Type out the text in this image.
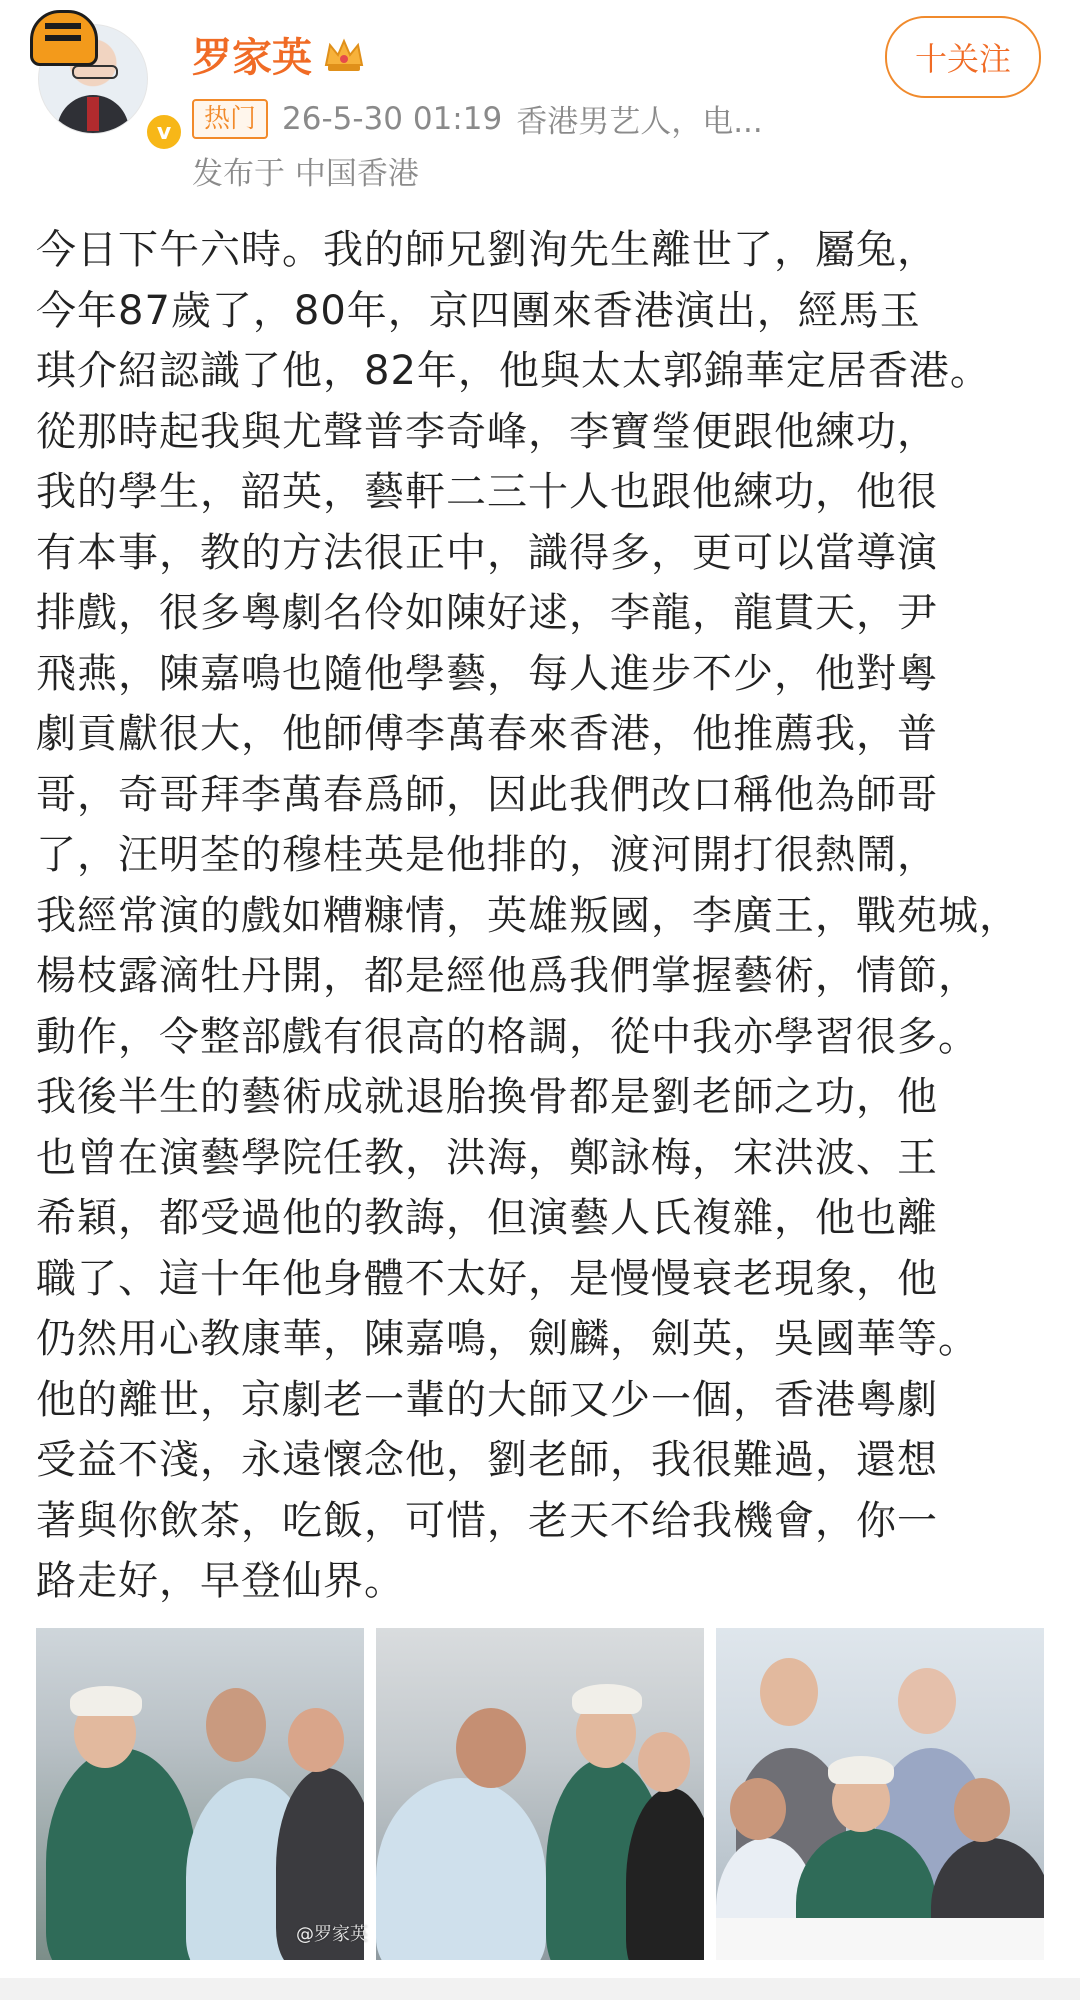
v
罗家英
热门 26-5-30 01:19 香港男艺人，电...
发布于 中国香港
十关注
今日下午六時。我的師兄劉洵先生離世了，屬兔，
今年87歲了，80年，京四團來香港演出，經馬玉
琪介紹認識了他，82年，他與太太郭錦華定居香港。
從那時起我與尤聲普李奇峰，李寶瑩便跟他練功，
我的學生，韶英，藝軒二三十人也跟他練功，他很
有本事，教的方法很正中，識得多，更可以當導演
排戲，很多粵劇名伶如陳好逑，李龍，龍貫天，尹
飛燕，陳嘉鳴也隨他學藝，每人進步不少，他對粵
劇貢獻很大，他師傅李萬春來香港，他推薦我，普
哥，奇哥拜李萬春爲師，因此我們改口稱他為師哥
了，汪明荃的穆桂英是他排的，渡河開打很熱鬧，
我經常演的戲如糟糠情，英雄叛國，李廣王，戰苑城，
楊枝露滴牡丹開，都是經他爲我們掌握藝術，情節，
動作，令整部戲有很高的格調，從中我亦學習很多。
我後半生的藝術成就退胎換骨都是劉老師之功，他
也曾在演藝學院任教，洪海，鄭詠梅，宋洪波、王
希穎，都受過他的教誨，但演藝人氏複雜，他也離
職了、這十年他身體不太好，是慢慢衰老現象，他
仍然用心教康華，陳嘉鳴，劍麟，劍英，吳國華等。
他的離世，京劇老一輩的大師又少一個，香港粵劇
受益不淺，永遠懷念他，劉老師，我很難過，還想
著與你飲茶，吃飯，可惜，老天不给我機會，你一
路走好，早登仙界。
@罗家英
